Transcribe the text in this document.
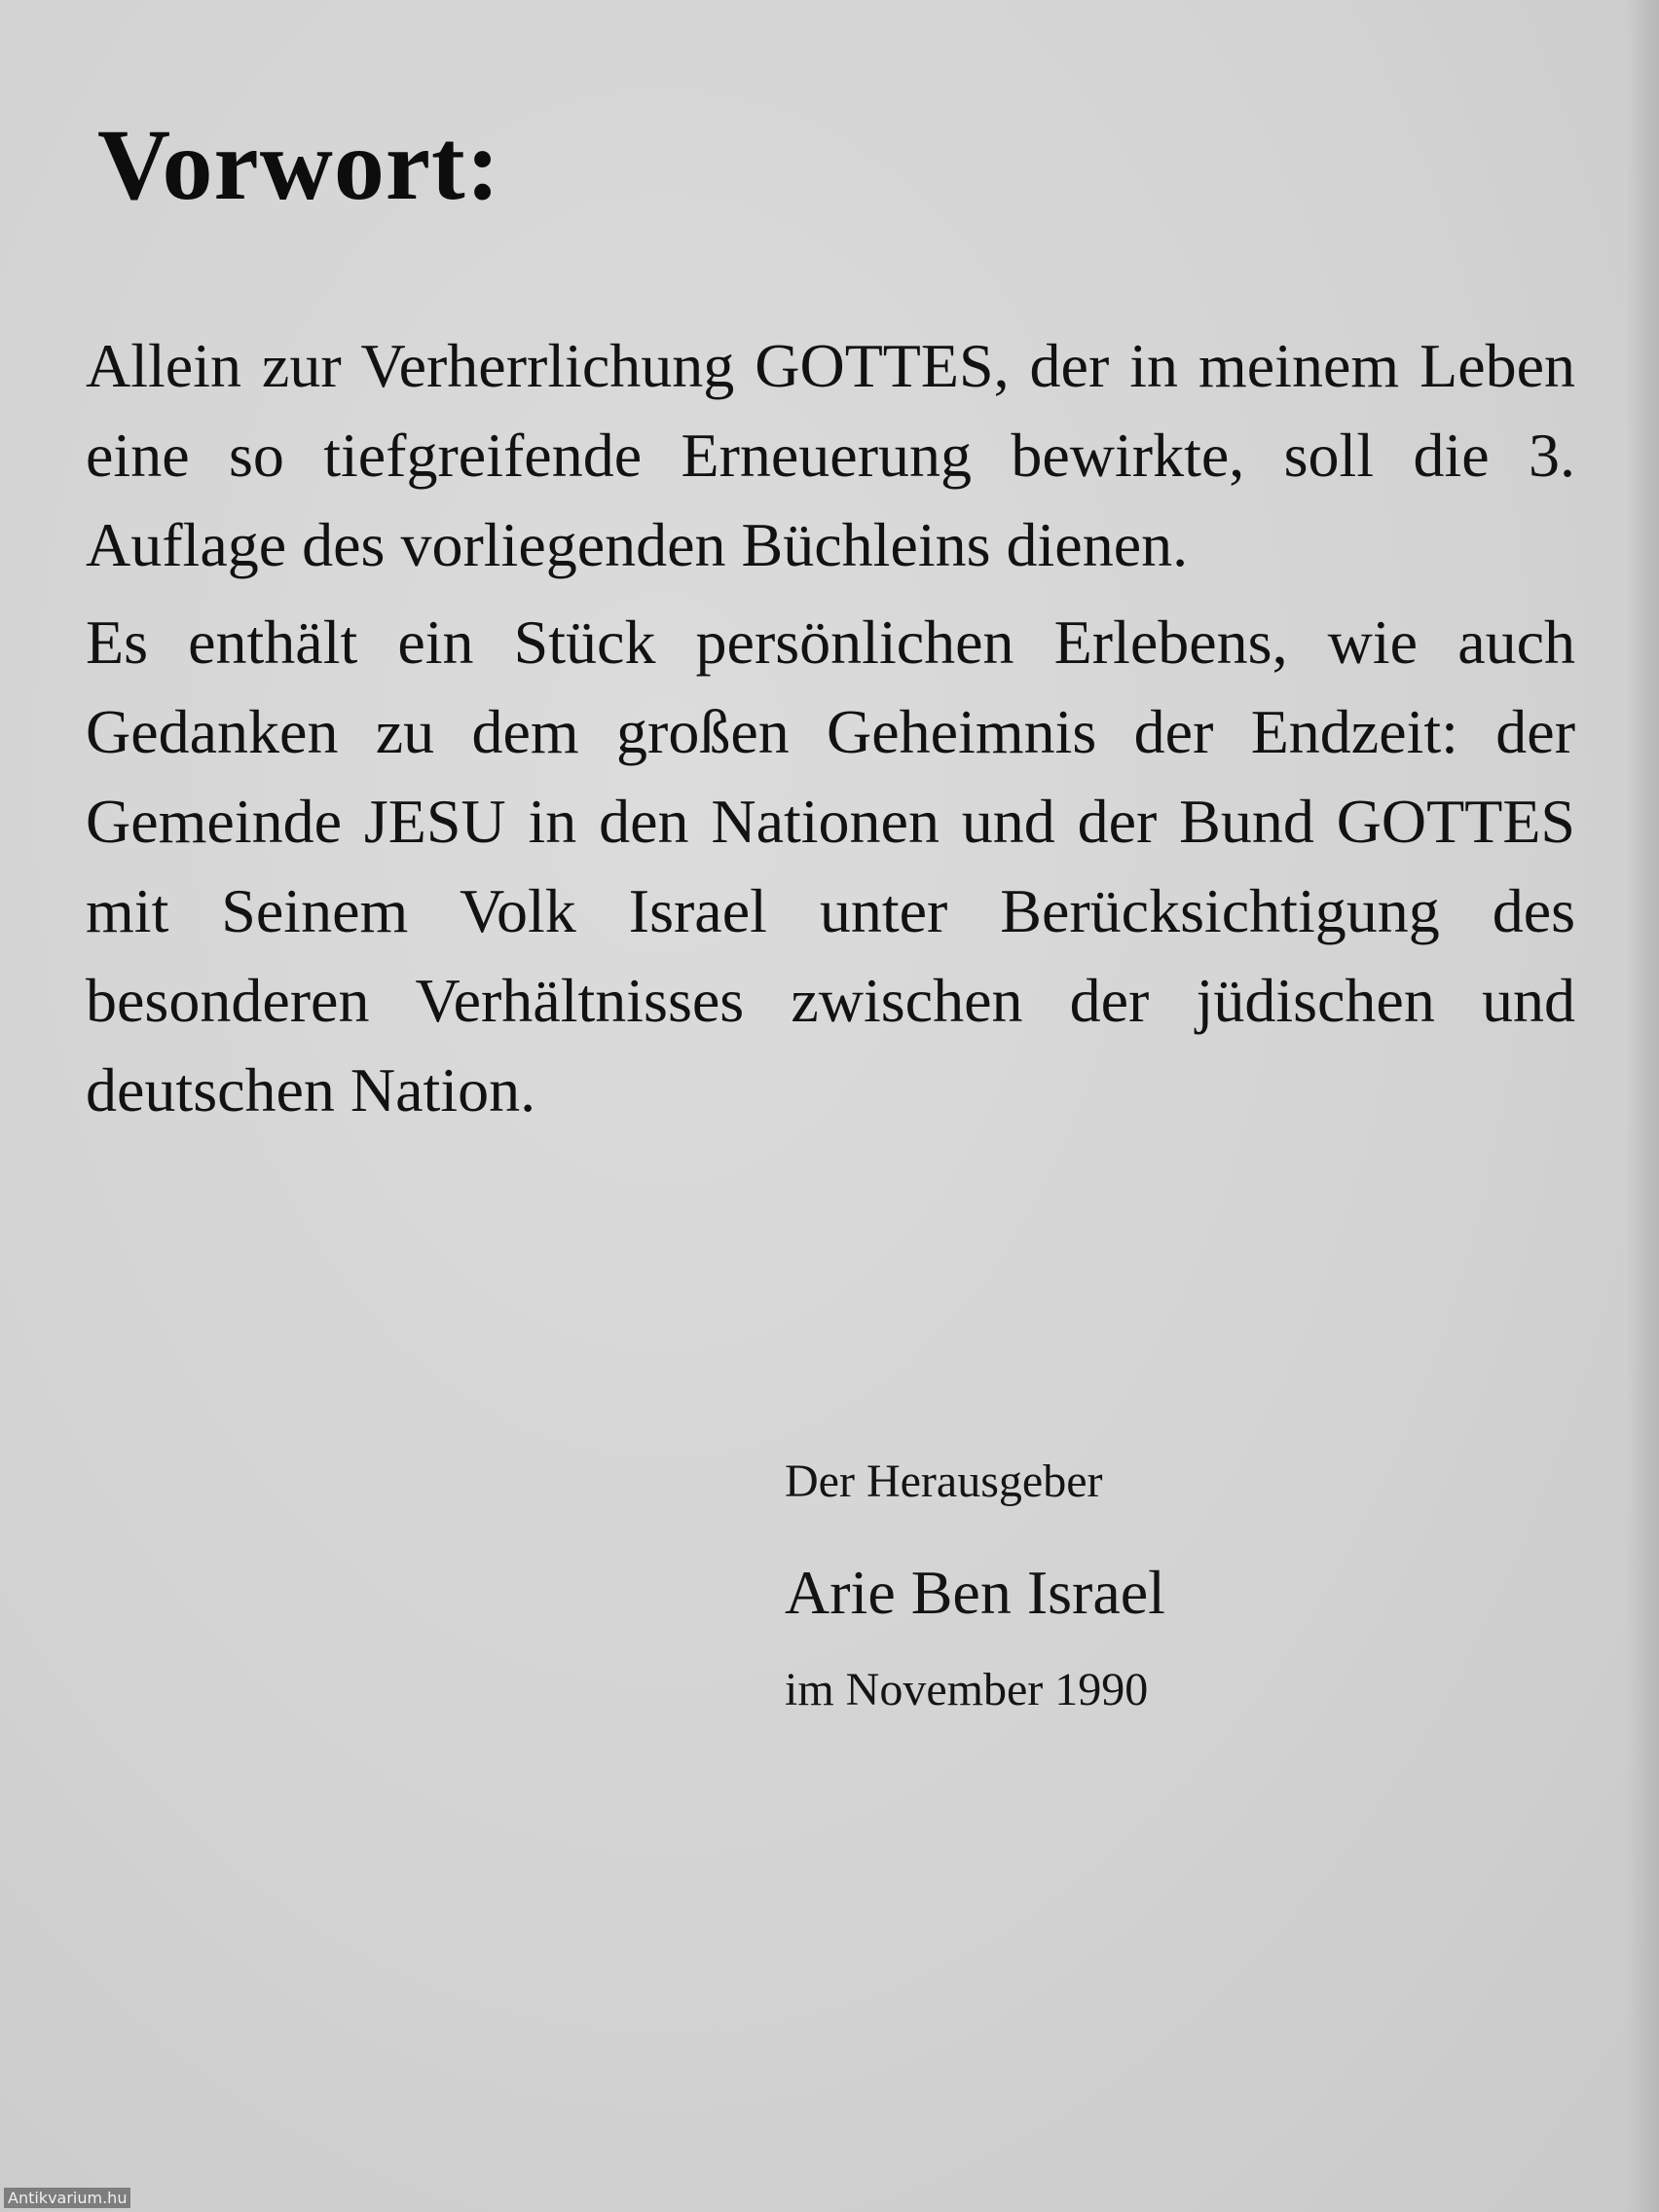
Vorwort:

Allein zur Verherrlichung GOTTES, der in meinem Leben eine so tiefgreifende Erneuerung bewirkte, soll die 3. Auflage des vorliegenden Büchleins dienen.

Es enthält ein Stück persönlichen Erlebens, wie auch Gedanken zu dem großen Geheimnis der Endzeit: der Gemeinde JESU in den Nationen und der Bund GOTTES mit Seinem Volk Israel unter Berücksichtigung des besonderen Verhältnisses zwischen der jüdischen und deutschen Nation.

Der Herausgeber

Arie Ben Israel

im November 1990

Antikvarium.hu
